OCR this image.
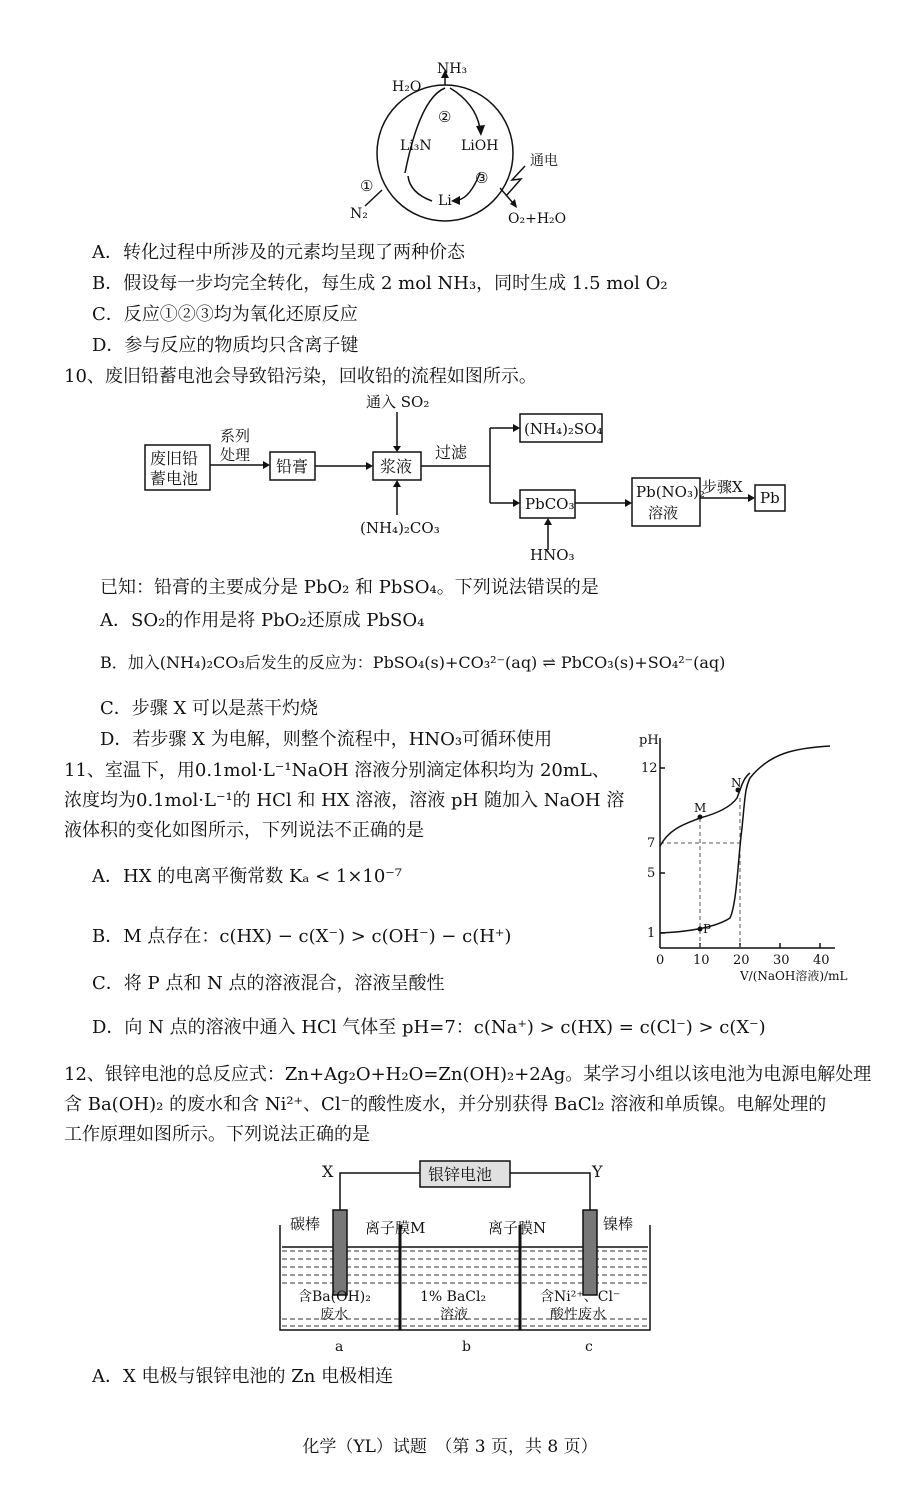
NH₃
H₂O
②
Li₃N LiOH
通电
①	③
Li
N₂	O₂+H₂O
A．转化过程中所涉及的元素均呈现了两种价态
B．假设每一步均完全转化，每生成 2 mol NH₃，同时生成 1.5 mol O₂
C．反应①②③均为氧化还原反应
D．参与反应的物质均只含离子键
10、废旧铅蓄电池会导致铅污染，回收铅的流程如图所示。
废旧铅
蓄电池
系列
处理
铅膏	浆液
通入 SO₂
(NH₄)₂CO₃
过滤
(NH₄)₂SO₄
PbCO₃
HNO₃
Pb(NO₃)₂
溶液
步骤X
Pb
已知：铅膏的主要成分是 PbO₂ 和 PbSO₄。下列说法错误的是
A．SO₂的作用是将 PbO₂还原成 PbSO₄
B．加入(NH₄)₂CO₃后发生的反应为：PbSO₄(s)+CO₃²⁻(aq) ⇌ PbCO₃(s)+SO₄²⁻(aq)
C．步骤 X 可以是蒸干灼烧
D．若步骤 X 为电解，则整个流程中，HNO₃可循环使用
11、室温下，用0.1mol·L⁻¹NaOH 溶液分别滴定体积均为 20mL、
浓度均为0.1mol·L⁻¹的 HCl 和 HX 溶液，溶液 pH 随加入 NaOH 溶
液体积的变化如图所示，下列说法不正确的是
A．HX 的电离平衡常数 Kₐ < 1×10⁻⁷
B．M 点存在：c(HX) − c(X⁻) > c(OH⁻) − c(H⁺)
C．将 P 点和 N 点的溶液混合，溶液呈酸性
D．向 N 点的溶液中通入 HCl 气体至 pH=7：c(Na⁺) > c(HX) = c(Cl⁻) > c(X⁻)
pH
12
7
5
1
0 10 20 30 40
V/(NaOH溶液)/mL
M
N
P
12、银锌电池的总反应式：Zn+Ag₂O+H₂O=Zn(OH)₂+2Ag。某学习小组以该电池为电源电解处理
含 Ba(OH)₂ 的废水和含 Ni²⁺、Cl⁻的酸性废水，并分别获得 BaCl₂ 溶液和单质镍。电解处理的
工作原理如图所示。下列说法正确的是
X	Y
银锌电池
碳棒	镍棒
离子膜M	离子膜N
含Ba(OH)₂
废水
1% BaCl₂
溶液
含Ni²⁺、Cl⁻
酸性废水
a	b	c
A．X 电极与银锌电池的 Zn 电极相连
化学（YL）试题　（第 3 页，共 8 页）
